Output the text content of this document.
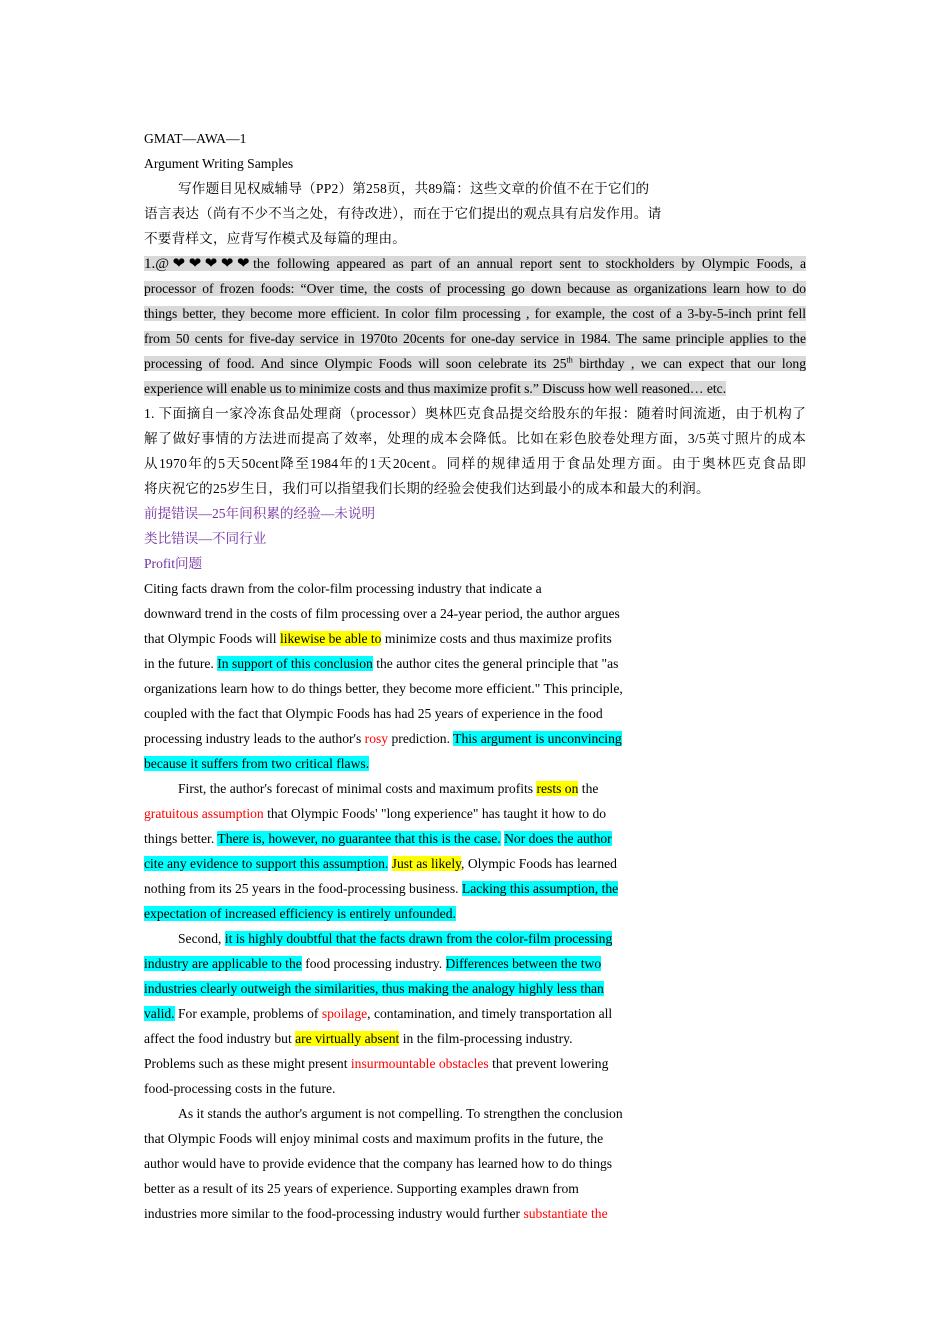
GMAT—AWA—1
Argument Writing Samples
写作题目见权威辅导（PP2）第258页，共89篇：这些文章的价值不在于它们的
语言表达（尚有不少不当之处，有待改进），而在于它们提出的观点具有启发作用。请
不要背样文，应背写作模式及每篇的理由。
1.@❤❤❤❤❤the following appeared as part of an annual report sent to stockholders by Olympic Foods, a
processor of frozen foods: “Over time, the costs of processing go down because as organizations learn how to do
things better, they become more efficient. In color film processing , for example, the cost of a 3-by-5-inch print fell
from 50 cents for five-day service in 1970to 20cents for one-day service in 1984. The same principle applies to the
processing of food. And since Olympic Foods will soon celebrate its 25th birthday , we can expect that our long
experience will enable us to minimize costs and thus maximize profit s.” Discuss how well reasoned… etc.
1. 下面摘自一家冷冻食品处理商（processor）奥林匹克食品提交给股东的年报：随着时间流逝，由于机构了
解了做好事情的方法进而提高了效率，处理的成本会降低。比如在彩色胶卷处理方面，3/5英寸照片的成本
从1970年的5天50cent降至1984年的1天20cent。同样的规律适用于食品处理方面。由于奥林匹克食品即
将庆祝它的25岁生日，我们可以指望我们长期的经验会使我们达到最小的成本和最大的利润。
前提错误—25年间积累的经验—未说明
类比错误—不同行业
Profit问题
Citing facts drawn from the color-film processing industry that indicate a
downward trend in the costs of film processing over a 24-year period, the author argues
that Olympic Foods will likewise be able to minimize costs and thus maximize profits
in the future. In support of this conclusion the author cites the general principle that "as
organizations learn how to do things better, they become more efficient." This principle,
coupled with the fact that Olympic Foods has had 25 years of experience in the food
processing industry leads to the author's rosy prediction. This argument is unconvincing
because it suffers from two critical flaws.
First, the author's forecast of minimal costs and maximum profits rests on the
gratuitous assumption that Olympic Foods' "long experience" has taught it how to do
things better. There is, however, no guarantee that this is the case. Nor does the author
cite any evidence to support this assumption. Just as likely, Olympic Foods has learned
nothing from its 25 years in the food-processing business. Lacking this assumption, the
expectation of increased efficiency is entirely unfounded.
Second, it is highly doubtful that the facts drawn from the color-film processing
industry are applicable to the food processing industry. Differences between the two
industries clearly outweigh the similarities, thus making the analogy highly less than
valid. For example, problems of spoilage, contamination, and timely transportation all
affect the food industry but are virtually absent in the film-processing industry.
Problems such as these might present insurmountable obstacles that prevent lowering
food-processing costs in the future.
As it stands the author's argument is not compelling. To strengthen the conclusion
that Olympic Foods will enjoy minimal costs and maximum profits in the future, the
author would have to provide evidence that the company has learned how to do things
better as a result of its 25 years of experience. Supporting examples drawn from
industries more similar to the food-processing industry would further substantiate the
